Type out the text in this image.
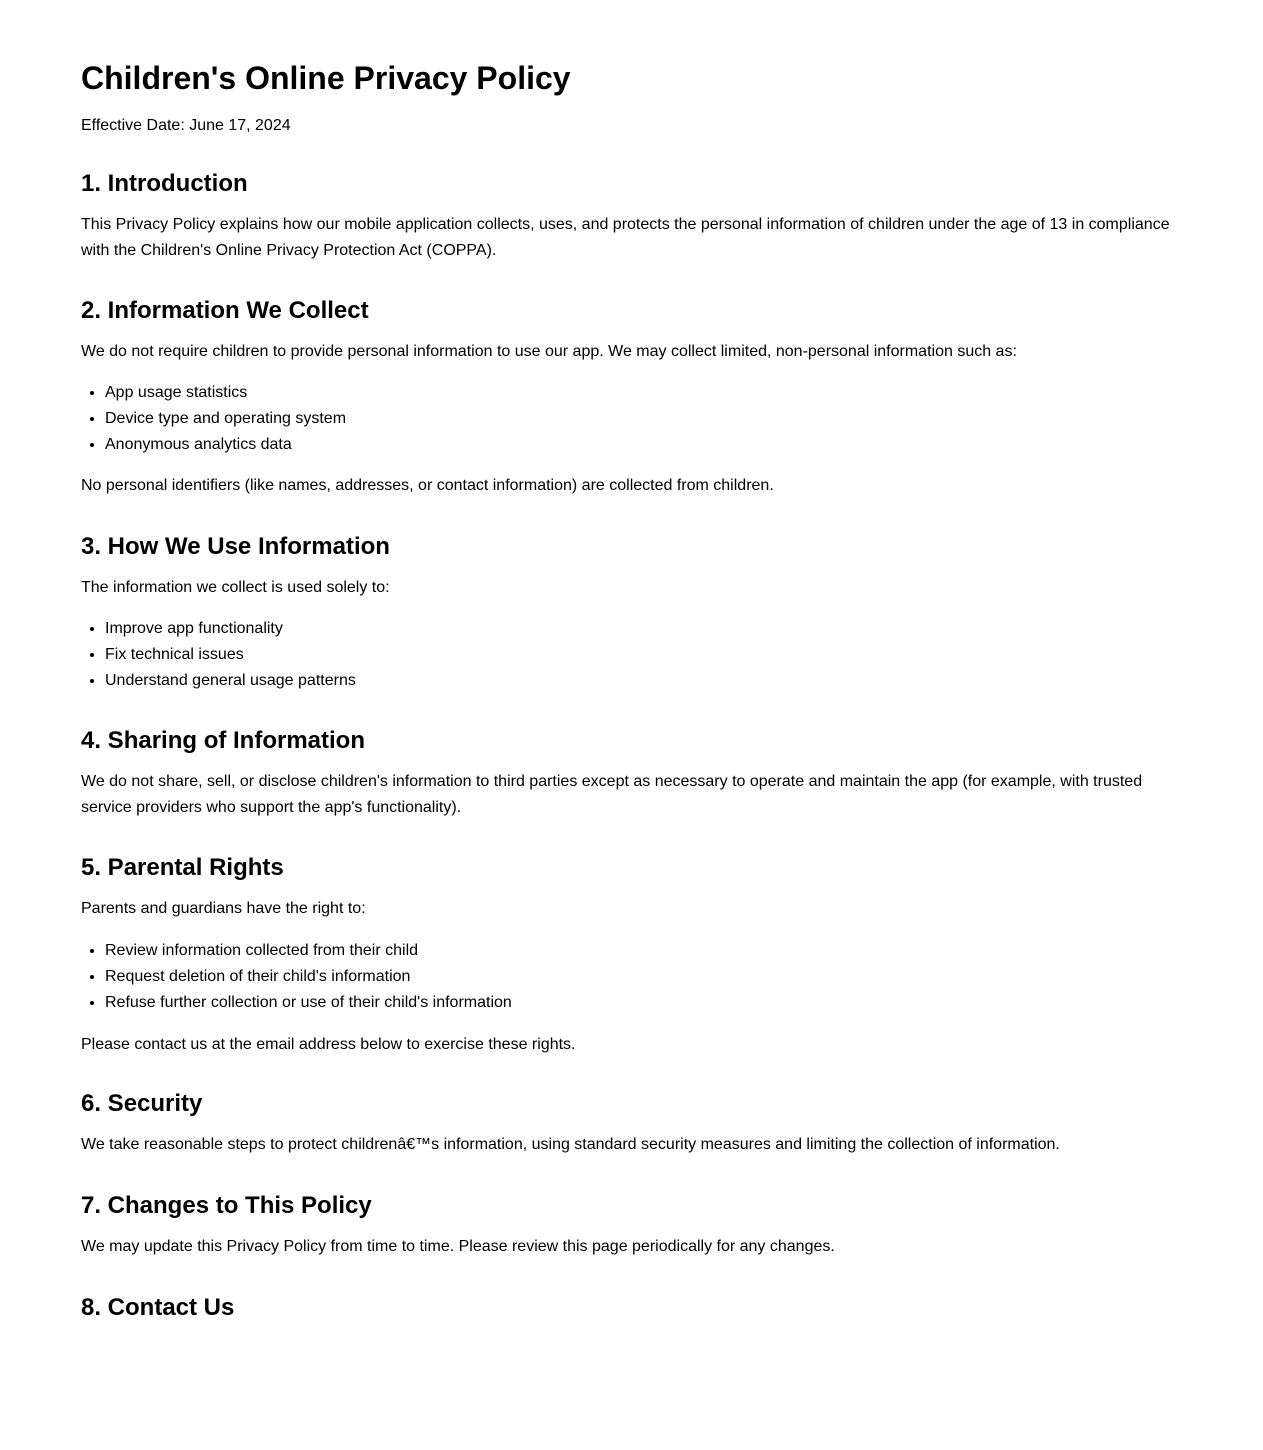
Children's Online Privacy Policy
Effective Date: June 17, 2024
1. Introduction

This Privacy Policy explains how our mobile application collects, uses, and protects the personal information of children under the age of 13 in compliance with the Children's Online Privacy Protection Act (COPPA).

2. Information We Collect

We do not require children to provide personal information to use our app. We may collect limited, non-personal information such as:

• App usage statistics
• Device type and operating system
• Anonymous analytics data

No personal identifiers (like names, addresses, or contact information) are collected from children.

3. How We Use Information

The information we collect is used solely to:

• Improve app functionality
• Fix technical issues
• Understand general usage patterns
4. Sharing of Information

We do not share, sell, or disclose children's information to third parties except as necessary to operate and maintain the app (for example, with trusted service providers who support the app's functionality).

5. Parental Rights

Parents and guardians have the right to:

• Review information collected from their child
• Request deletion of their child's information
• Refuse further collection or use of their child's information

Please contact us at the email address below to exercise these rights.

6. Security

We take reasonable steps to protect childrenâ€™s information, using standard security measures and limiting the collection of information.

7. Changes to This Policy

We may update this Privacy Policy from time to time. Please review this page periodically for any changes.

8. Contact Us
